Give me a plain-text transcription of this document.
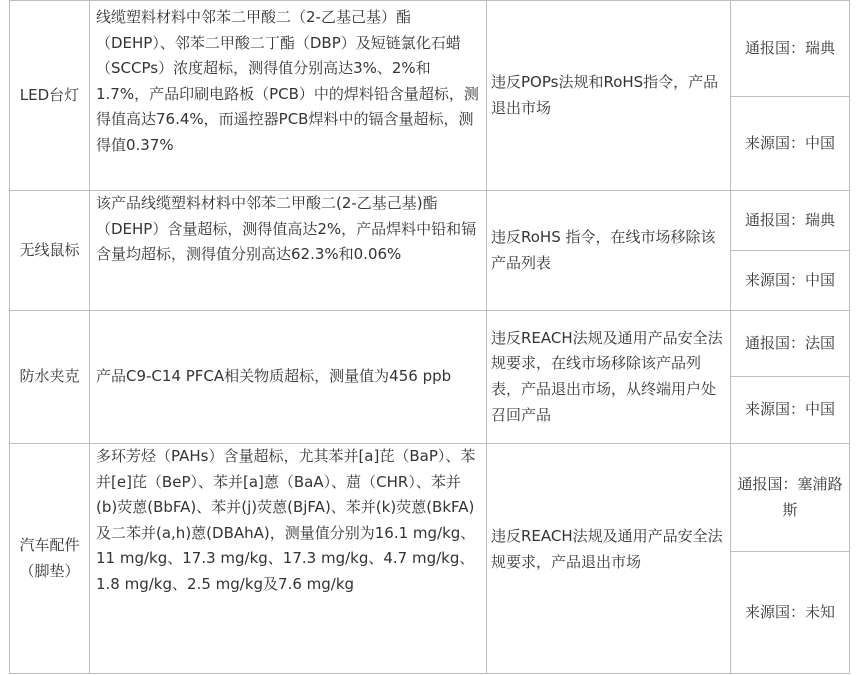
LED台灯	线缆塑料材料中邻苯二甲酸二（2-乙基己基）酯（DEHP）、邻苯二甲酸二丁酯（DBP）及短链氯化石蜡（SCCPs）浓度超标，测得值分别高达3%、2%和1.7%，产品印刷电路板（PCB）中的焊料铅含量超标，测得值高达76.4%，而遥控器PCB焊料中的镉含量超标，测得值0.37%	违反POPs法规和RoHS指令，产品退出市场	通报国：瑞典
			来源国：中国
无线鼠标	该产品线缆塑料材料中邻苯二甲酸二(2-乙基己基)酯（DEHP）含量超标，测得值高达2%，产品焊料中铅和镉含量均超标，测得值分别高达62.3%和0.06%	违反RoHS 指令，在线市场移除该产品列表	通报国：瑞典
			来源国：中国
防水夹克	产品C9-C14 PFCA相关物质超标，测量值为456 ppb	违反REACH法规及通用产品安全法规要求，在线市场移除该产品列表，产品退出市场，从终端用户处召回产品	通报国：法国
			来源国：中国
汽车配件（脚垫）	多环芳烃（PAHs）含量超标，尤其苯并[a]芘（BaP）、苯并[e]芘（BeP）、苯并[a]蒽（BaA）、䓛（CHR）、苯并(b)荧蒽(BbFA)、苯并(j)荧蒽(BjFA)、苯并(k)荧蒽(BkFA)及二苯并(a,h)蒽(DBAhA)，测量值分别为16.1 mg/kg、11 mg/kg、17.3 mg/kg、17.3 mg/kg、4.7 mg/kg、1.8 mg/kg、2.5 mg/kg及7.6 mg/kg	违反REACH法规及通用产品安全法规要求，产品退出市场	通报国：塞浦路斯
			来源国：未知
